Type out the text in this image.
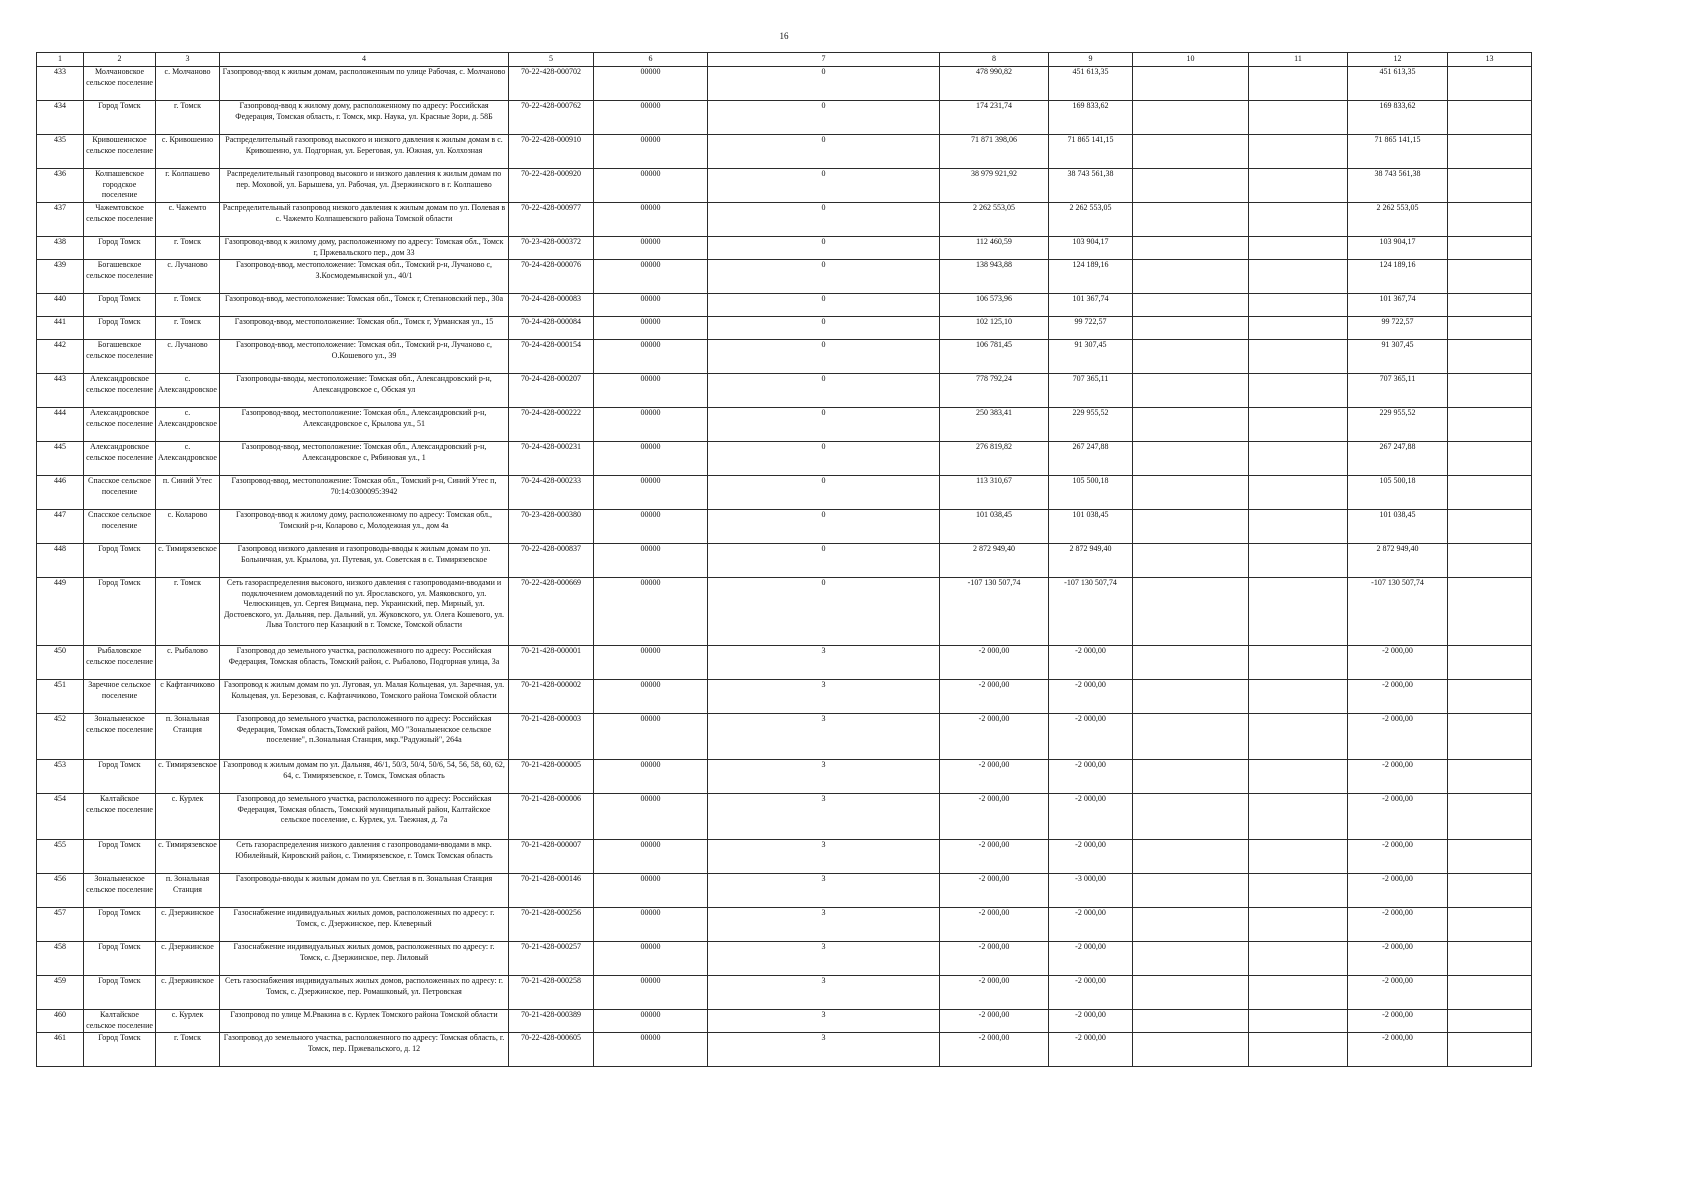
16
1	2	3	4	5	6	7	8	9	10	11	12	13
433	Молчановское сельское поселение	с. Молчаново	Газопровод-ввод к жилым домам, расположенным по улице Рабочая, с. Молчаново	70-22-428-000702	00000	0	478 990,82	451 613,35			451 613,35	
434	Город Томск	г. Томск	Газопровод-ввод к жилому дому, расположенному по адресу: Российская Федерация, Томская область, г. Томск, мкр. Наука, ул. Красные Зори, д. 58Б	70-22-428-000762	00000	0	174 231,74	169 833,62			169 833,62	
435	Кривошеинское сельское поселение	с. Кривошеино	Распределительный газопровод высокого и низкого давления к жилым домам в с. Кривошеино, ул. Подгорная, ул. Береговая, ул. Южная, ул. Колхозная	70-22-428-000910	00000	0	71 871 398,06	71 865 141,15			71 865 141,15	
436	Колпашевское городское поселение	г. Колпашево	Распределительный газопровод высокого и низкого давления к жилым домам по пер. Моховой, ул. Барышева, ул. Рабочая, ул. Дзержинского в г. Колпашево	70-22-428-000920	00000	0	38 979 921,92	38 743 561,38			38 743 561,38	
437	Чажемтовское сельское поселение	с. Чажемто	Распределительный газопровод низкого давления к жилым домам по ул. Полевая в с. Чажемто Колпашевского района Томской области	70-22-428-000977	00000	0	2 262 553,05	2 262 553,05			2 262 553,05	
438	Город Томск	г. Томск	Газопровод-ввод к жилому дому, расположенному по адресу: Томская обл., Томск г, Пржевальского пер., дом 33	70-23-428-000372	00000	0	112 460,59	103 904,17			103 904,17	
439	Богашевское сельское поселение	с. Лучаново	Газопровод-ввод, местоположение: Томская обл., Томский р-н, Лучаново с, З.Космодемьянской ул., 40/1	70-24-428-000076	00000	0	138 943,88	124 189,16			124 189,16	
440	Город Томск	г. Томск	Газопровод-ввод, местоположение: Томская обл., Томск г, Степановский пер., 30а	70-24-428-000083	00000	0	106 573,96	101 367,74			101 367,74	
441	Город Томск	г. Томск	Газопровод-ввод, местоположение: Томская обл., Томск г, Урманская ул., 15	70-24-428-000084	00000	0	102 125,10	99 722,57			99 722,57	
442	Богашевское сельское поселение	с. Лучаново	Газопровод-ввод, местоположение: Томская обл., Томский р-н, Лучаново с, О.Кошевого ул., 39	70-24-428-000154	00000	0	106 781,45	91 307,45			91 307,45	
443	Александровское сельское поселение	с. Александровское	Газопроводы-вводы, местоположение: Томская обл., Александровский р-н, Александровское с, Обская ул	70-24-428-000207	00000	0	778 792,24	707 365,11			707 365,11	
444	Александровское сельское поселение	с. Александровское	Газопровод-ввод, местоположение: Томская обл., Александровский р-н, Александровское с, Крылова ул., 51	70-24-428-000222	00000	0	250 383,41	229 955,52			229 955,52	
445	Александровское сельское поселение	с. Александровское	Газопровод-ввод, местоположение: Томская обл., Александровский р-н, Александровское с, Рябиновая ул., 1	70-24-428-000231	00000	0	276 819,82	267 247,88			267 247,88	
446	Спасское сельское поселение	п. Синий Утес	Газопровод-ввод, местоположение: Томская обл., Томский р-н, Синий Утес п, 70:14:0300095:3942	70-24-428-000233	00000	0	113 310,67	105 500,18			105 500,18	
447	Спасское сельское поселение	с. Коларово	Газопровод-ввод к жилому дому, расположенному по адресу: Томская обл., Томский р-н, Коларово с, Молодежная ул., дом 4а	70-23-428-000380	00000	0	101 038,45	101 038,45			101 038,45	
448	Город Томск	с. Тимирязевское	Газопровод низкого давления и газопроводы-вводы к жилым домам по ул. Больничная, ул. Крылова, ул. Путевая, ул. Советская в с. Тимирязевское	70-22-428-000837	00000	0	2 872 949,40	2 872 949,40			2 872 949,40	
449	Город Томск	г. Томск	Сеть газораспределения высокого, низкого давления с газопроводами-вводами и подключением домовладений по ул. Ярославского, ул. Маяковского, ул. Челюскинцев, ул. Сергея Вицмана, пер. Украинский, пер. Мирный, ул. Достоевского, ул. Дальняя, пер. Дальний, ул. Жуковского, ул. Олега Кошевого, ул. Льва Толстого пер Казацкий в г. Томске, Томской области	70-22-428-000669	00000	0	-107 130 507,74	-107 130 507,74			-107 130 507,74	
450	Рыбаловское сельское поселение	с. Рыбалово	Газопровод до земельного участка, расположенного по адресу: Российская Федерация, Томская область, Томский район, с. Рыбалово, Подгорная улица, 3а	70-21-428-000001	00000	3	-2 000,00	-2 000,00			-2 000,00	
451	Заречное сельское поселение	с Кафтанчиково	Газопровод к жилым домам по ул. Луговая, ул. Малая Кольцевая, ул. Заречная, ул. Кольцевая, ул. Березовая, с. Кафтанчиково, Томского района Томской области	70-21-428-000002	00000	3	-2 000,00	-2 000,00			-2 000,00	
452	Зональненское сельское поселение	п. Зональная Станция	Газопровод до земельного участка, расположенного по адресу: Российская Федерация, Томская область,Томский район, МО "Зональненское сельское поселение", п.Зональная Станция, мкр."Радужный", 264а	70-21-428-000003	00000	3	-2 000,00	-2 000,00			-2 000,00	
453	Город Томск	с. Тимирязевское	Газопровод к жилым домам по ул. Дальняя, 46/1, 50/3, 50/4, 50/6, 54, 56, 58, 60, 62, 64, с. Тимирязевское, г. Томск, Томская область	70-21-428-000005	00000	3	-2 000,00	-2 000,00			-2 000,00	
454	Калтайское сельское поселение	с. Курлек	Газопровод до земельного участка, расположенного по адресу: Российская Федерация, Томская область, Томский муниципальный район, Калтайское сельское поселение, с. Курлек, ул. Таежная, д. 7а	70-21-428-000006	00000	3	-2 000,00	-2 000,00			-2 000,00	
455	Город Томск	с. Тимирязевское	Сеть газораспределения низкого давления с газопроводами-вводами в мкр. Юбилейный, Кировский район, с. Тимирязевское, г. Томск Томская область	70-21-428-000007	00000	3	-2 000,00	-2 000,00			-2 000,00	
456	Зональненское сельское поселение	п. Зональная Станция	Газопроводы-вводы к жилым домам по ул. Светлая в п. Зональная Станция	70-21-428-000146	00000	3	-2 000,00	-3 000,00			-2 000,00	
457	Город Томск	с. Дзержинское	Газоснабжение индивидуальных жилых домов, расположенных по адресу: г. Томск, с. Дзержинское, пер. Клеверный	70-21-428-000256	00000	3	-2 000,00	-2 000,00			-2 000,00	
458	Город Томск	с. Дзержинское	Газоснабжение индивидуальных жилых домов, расположенных по адресу: г. Томск, с. Дзержинское, пер. Лиловый	70-21-428-000257	00000	3	-2 000,00	-2 000,00			-2 000,00	
459	Город Томск	с. Дзержинское	Сеть газоснабжения индивидуальных жилых домов, расположенных по адресу: г. Томск, с. Дзержинское, пер. Ромашковый, ул. Петровская	70-21-428-000258	00000	3	-2 000,00	-2 000,00			-2 000,00	
460	Калтайское сельское поселение	с. Курлек	Газопровод по улице М.Рвакина в с. Курлек Томского района Томской области	70-21-428-000389	00000	3	-2 000,00	-2 000,00			-2 000,00	
461	Город Томск	г. Томск	Газопровод до земельного участка, расположенного по адресу: Томская область, г. Томск, пер. Пржевальского, д. 12	70-22-428-000605	00000	3	-2 000,00	-2 000,00			-2 000,00	
